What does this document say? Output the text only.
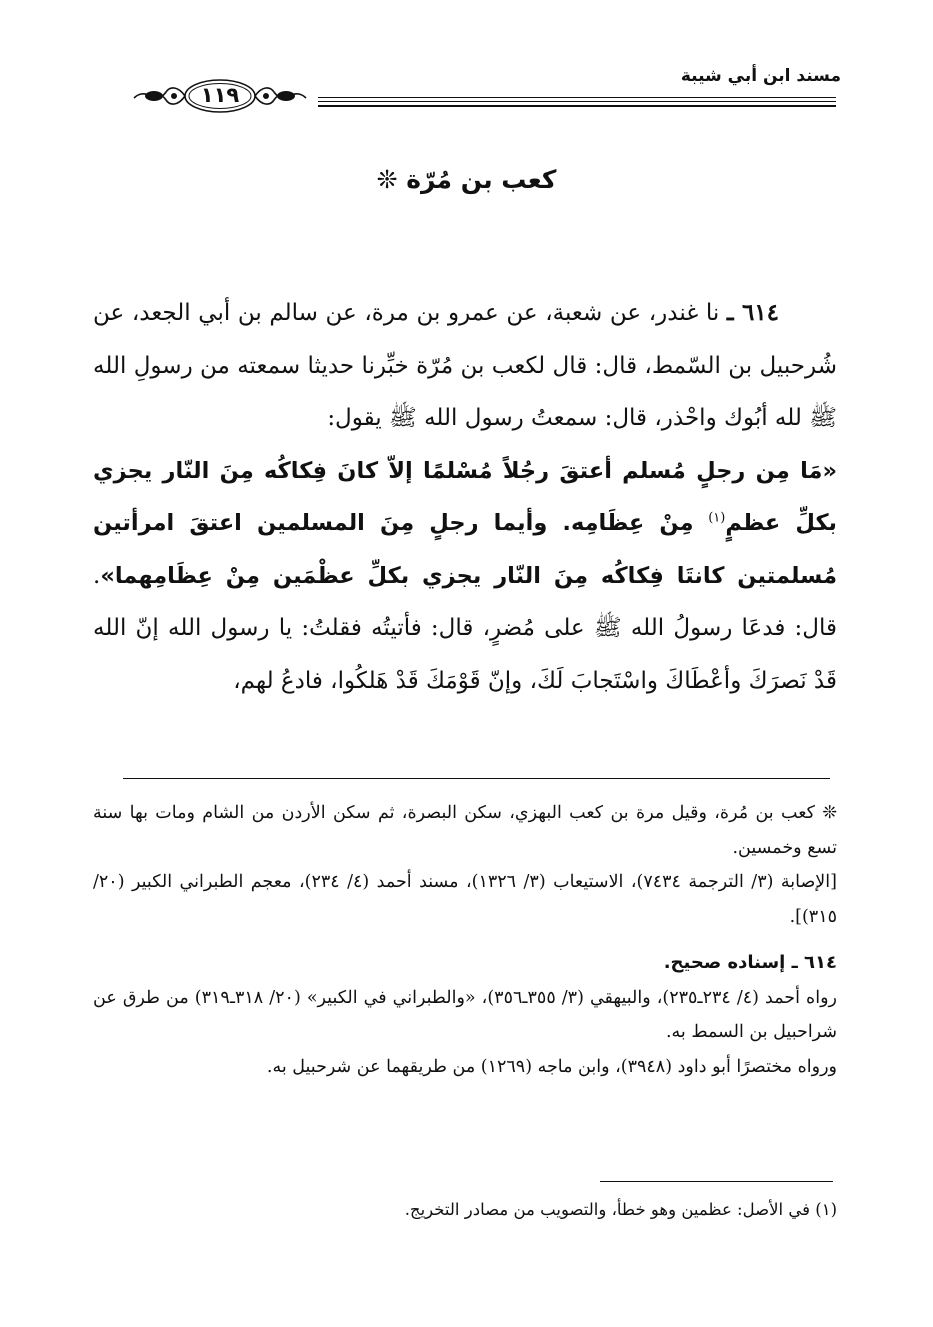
مسند ابن أبي شيبة
١١٩
كعب بن مُرّة ❊

٦١٤ ـ نا غندر، عن شعبة، عن عمرو بن مرة، عن سالم بن أبي الجعد، عن شُرحبيل بن السّمط، قال: قال لكعب بن مُرّة خبِّرنا حديثا سمعته من رسولِ الله ﷺ لله أبُوك واحْذر، قال: سمعتُ رسول الله ﷺ يقول:

«مَا مِن رجلٍ مُسلم أعتقَ رجُلاً مُسْلمًا إلاّ كانَ فِكاكُه مِنَ النّار يجزي بكلِّ عظمٍ$^{(١)}$ مِنْ عِظَامِه. وأيما رجلٍ مِنَ المسلمين اعتقَ امرأتين مُسلمتين كانتَا فِكاكُه مِنَ النّار يجزي بكلِّ عظْمَين مِنْ عِظَامِهما». قال: فدعَا رسولُ الله ﷺ على مُضرٍ، قال: فأتيتُه فقلتُ: يا رسول الله إنّ الله قَدْ نَصرَكَ وأعْطَاكَ واسْتَجابَ لَكَ، وإنّ قَوْمَكَ قَدْ هَلكُوا، فادعُ لهم،

❊ كعب بن مُرة، وقيل مرة بن كعب البهزي، سكن البصرة، ثم سكن الأردن من الشام ومات بها سنة تسع وخمسين.

[الإصابة (٣/ الترجمة ٧٤٣٤)، الاستيعاب (٣/ ١٣٢٦)، مسند أحمد (٤/ ٢٣٤)، معجم الطبراني الكبير (٢٠/ ٣١٥)].

٦١٤ ـ إسناده صحيح.

رواه أحمد (٤/ ٢٣٤ـ٢٣٥)، والبيهقي (٣/ ٣٥٥ـ٣٥٦)، «والطبراني في الكبير» (٢٠/ ٣١٨ـ٣١٩) من طرق عن شراحبيل بن السمط به.

ورواه مختصرًا أبو داود (٣٩٤٨)، وابن ماجه (١٢٦٩) من طريقهما عن شرحبيل به.

(١) في الأصل: عظمين وهو خطأ، والتصويب من مصادر التخريج.
